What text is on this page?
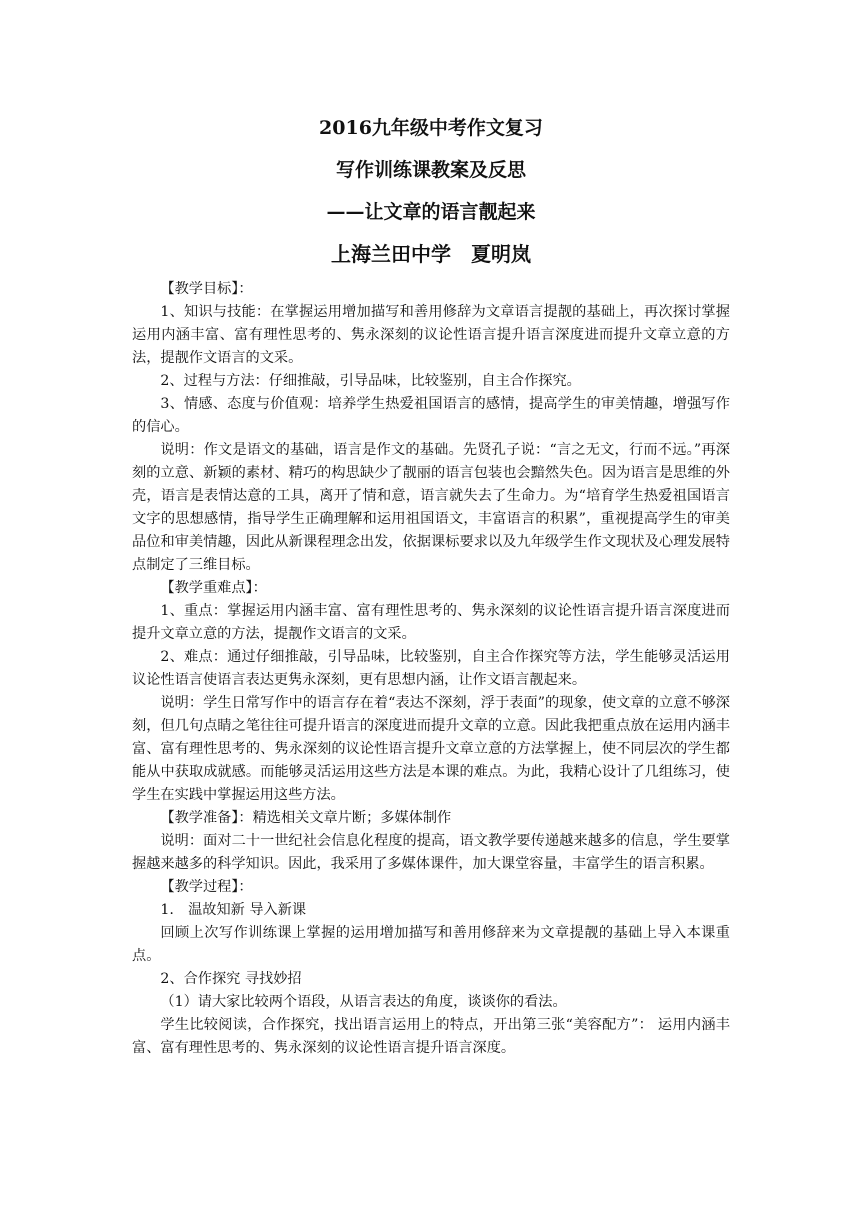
2016九年级中考作文复习
写作训练课教案及反思
——让文章的语言靓起来
上海兰田中学　夏明岚

【教学目标】：

1、知识与技能：在掌握运用增加描写和善用修辞为文章语言提靓的基础上，再次探讨掌握运用内涵丰富、富有理性思考的、隽永深刻的议论性语言提升语言深度进而提升文章立意的方法，提靓作文语言的文采。

2、过程与方法：仔细推敲，引导品味，比较鉴别，自主合作探究。

3、情感、态度与价值观：培养学生热爱祖国语言的感情，提高学生的审美情趣，增强写作的信心。

说明：作文是语文的基础，语言是作文的基础。先贤孔子说：“言之无文，行而不远。”再深刻的立意、新颖的素材、精巧的构思缺少了靓丽的语言包装也会黯然失色。因为语言是思维的外壳，语言是表情达意的工具，离开了情和意，语言就失去了生命力。为“培育学生热爱祖国语言文字的思想感情，指导学生正确理解和运用祖国语文，丰富语言的积累”，重视提高学生的审美品位和审美情趣，因此从新课程理念出发，依据课标要求以及九年级学生作文现状及心理发展特点制定了三维目标。

【教学重难点】：

1、重点：掌握运用内涵丰富、富有理性思考的、隽永深刻的议论性语言提升语言深度进而提升文章立意的方法，提靓作文语言的文采。

2、难点：通过仔细推敲，引导品味，比较鉴别，自主合作探究等方法，学生能够灵活运用议论性语言使语言表达更隽永深刻，更有思想内涵，让作文语言靓起来。

说明：学生日常写作中的语言存在着“表达不深刻，浮于表面”的现象，使文章的立意不够深刻，但几句点睛之笔往往可提升语言的深度进而提升文章的立意。因此我把重点放在运用内涵丰富、富有理性思考的、隽永深刻的议论性语言提升文章立意的方法掌握上，使不同层次的学生都能从中获取成就感。而能够灵活运用这些方法是本课的难点。为此，我精心设计了几组练习，使学生在实践中掌握运用这些方法。

【教学准备】：精选相关文章片断；多媒体制作

说明：面对二十一世纪社会信息化程度的提高，语文教学要传递越来越多的信息，学生要掌握越来越多的科学知识。因此，我采用了多媒体课件，加大课堂容量，丰富学生的语言积累。

【教学过程】：

1.　温故知新 导入新课

回顾上次写作训练课上掌握的运用增加描写和善用修辞来为文章提靓的基础上导入本课重点。

2、合作探究 寻找妙招

（1）请大家比较两个语段，从语言表达的角度，谈谈你的看法。

学生比较阅读，合作探究，找出语言运用上的特点，开出第三张“美容配方”： 运用内涵丰富、富有理性思考的、隽永深刻的议论性语言提升语言深度。
